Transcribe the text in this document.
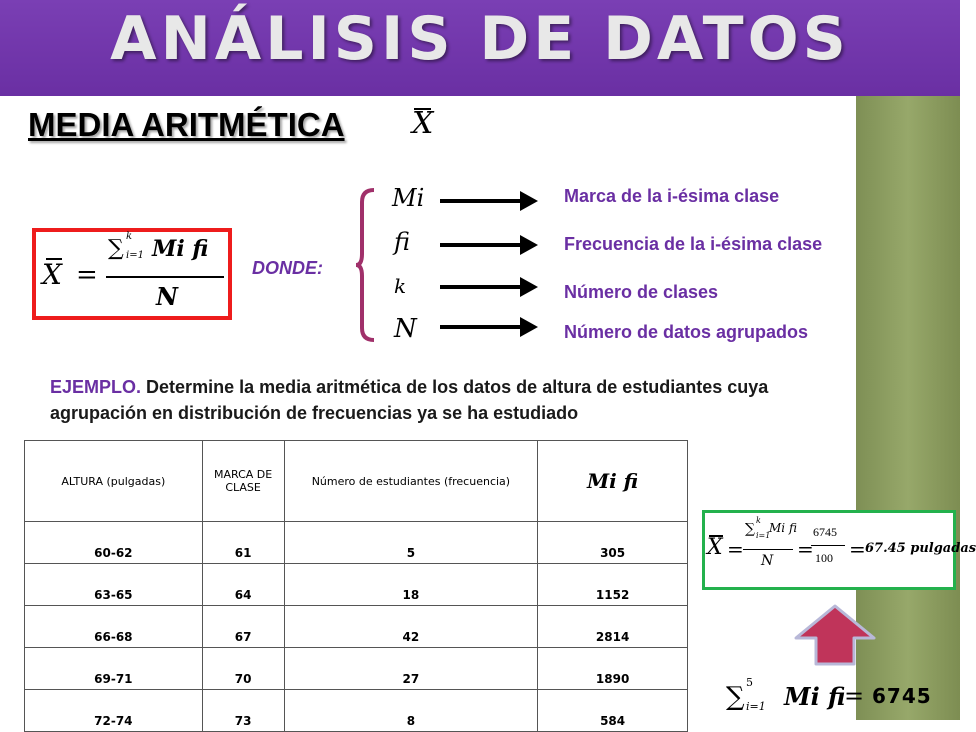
ANÁLISIS DE DATOS
MEDIA ARITMÉTICA X
X =
∑ k
i=1 Mi fi
N
DONDE:
Mi
fi
k
N
Marca de la i-ésima clase
Frecuencia de la i-ésima clase
Número de clases
Número de datos agrupados
EJEMPLO. Determine la media aritmética de los datos de altura de estudiantes cuya agrupación en distribución de frecuencias ya se ha estudiado
ALTURA (pulgadas)	MARCA DE CLASE	Número de estudiantes (frecuencia)	Mi fi
60-62	61	5	305
63-65	64	18	1152
66-68	67	42	2814
69-71	70	27	1890
72-74	73	8	584
X =
∑
k
i=1
Mi fi
N =
6745
100 = 67.45 pulgadas
∑ 5
i=1 Mi fi
= 6745
